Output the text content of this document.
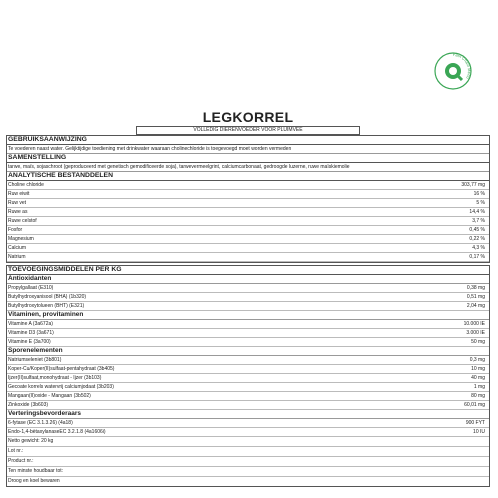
Fast Chain Menu
LEGKORREL
VOLLEDIG DIERENVOEDER VOOR PLUIMVEE
GEBRUIKSAANWIJZING
Te voederen naast water. Gelijktijdige toediening met drinkwater waaraan cholinechloride is toegevoegd moet worden vermeden
SAMENSTELLING
tarwe, maïs, sojaschroot (geproduceerd met genetisch gemodificeerde soja), tarwevermeelgrint, calciumcarbonaat, gedroogde luzerne, ruwe maïskiemolie
ANALYTISCHE BESTANDDELEN
Choline chloride	303,77 mg
Ruw eiwit	16 %
Ruw vet	5 %
Ruwe as	14,4 %
Ruwe celstof	3,7 %
Fosfor	0,45 %
Magnesium	0,22 %
Calcium	4,3 %
Natrium	0,17 %
TOEVOEGINGSMIDDELEN PER KG
Antioxidanten
Propylgallaat (E310)	0,38 mg
Butylhydroxyanisool (BHA) (1b320)	0,51 mg
Butylhydroxytolueen (BHT) (E321)	2,04 mg
Vitaminen, provitaminen
Vitamine A (3a672a)	10.000 IE
Vitamine D3 (3a671)	3.000 IE
Vitamine E (3a700)	50 mg
Sporenelementen
Natriumseleniet (3b801)	0,3 mg
Koper-Cu/Koper(II)sulfaat-pentahydraat (3b405)	10 mg
Ijzer(II)sulfaat,monohydraat - Ijzer (3b103)	40 mg
Gecoate korrels watervrij calciumjodaat (3b203)	1 mg
Mangaan(II)oxide - Mangaan (3b502)	80 mg
Zinkoxide (3b603)	60,01 mg
Verteringsbevorderaars
6-fytase (EC 3.1.3.26) (4a18)	900 FYT
Endo-1,4-bètaxylanaseEC 3.2.1.8 (4a1606i)	10 IU
Netto gewicht: 20 kg
Lot nr.:
Product nr.:
Ten minste houdbaar tot:
Droog en koel bewaren
